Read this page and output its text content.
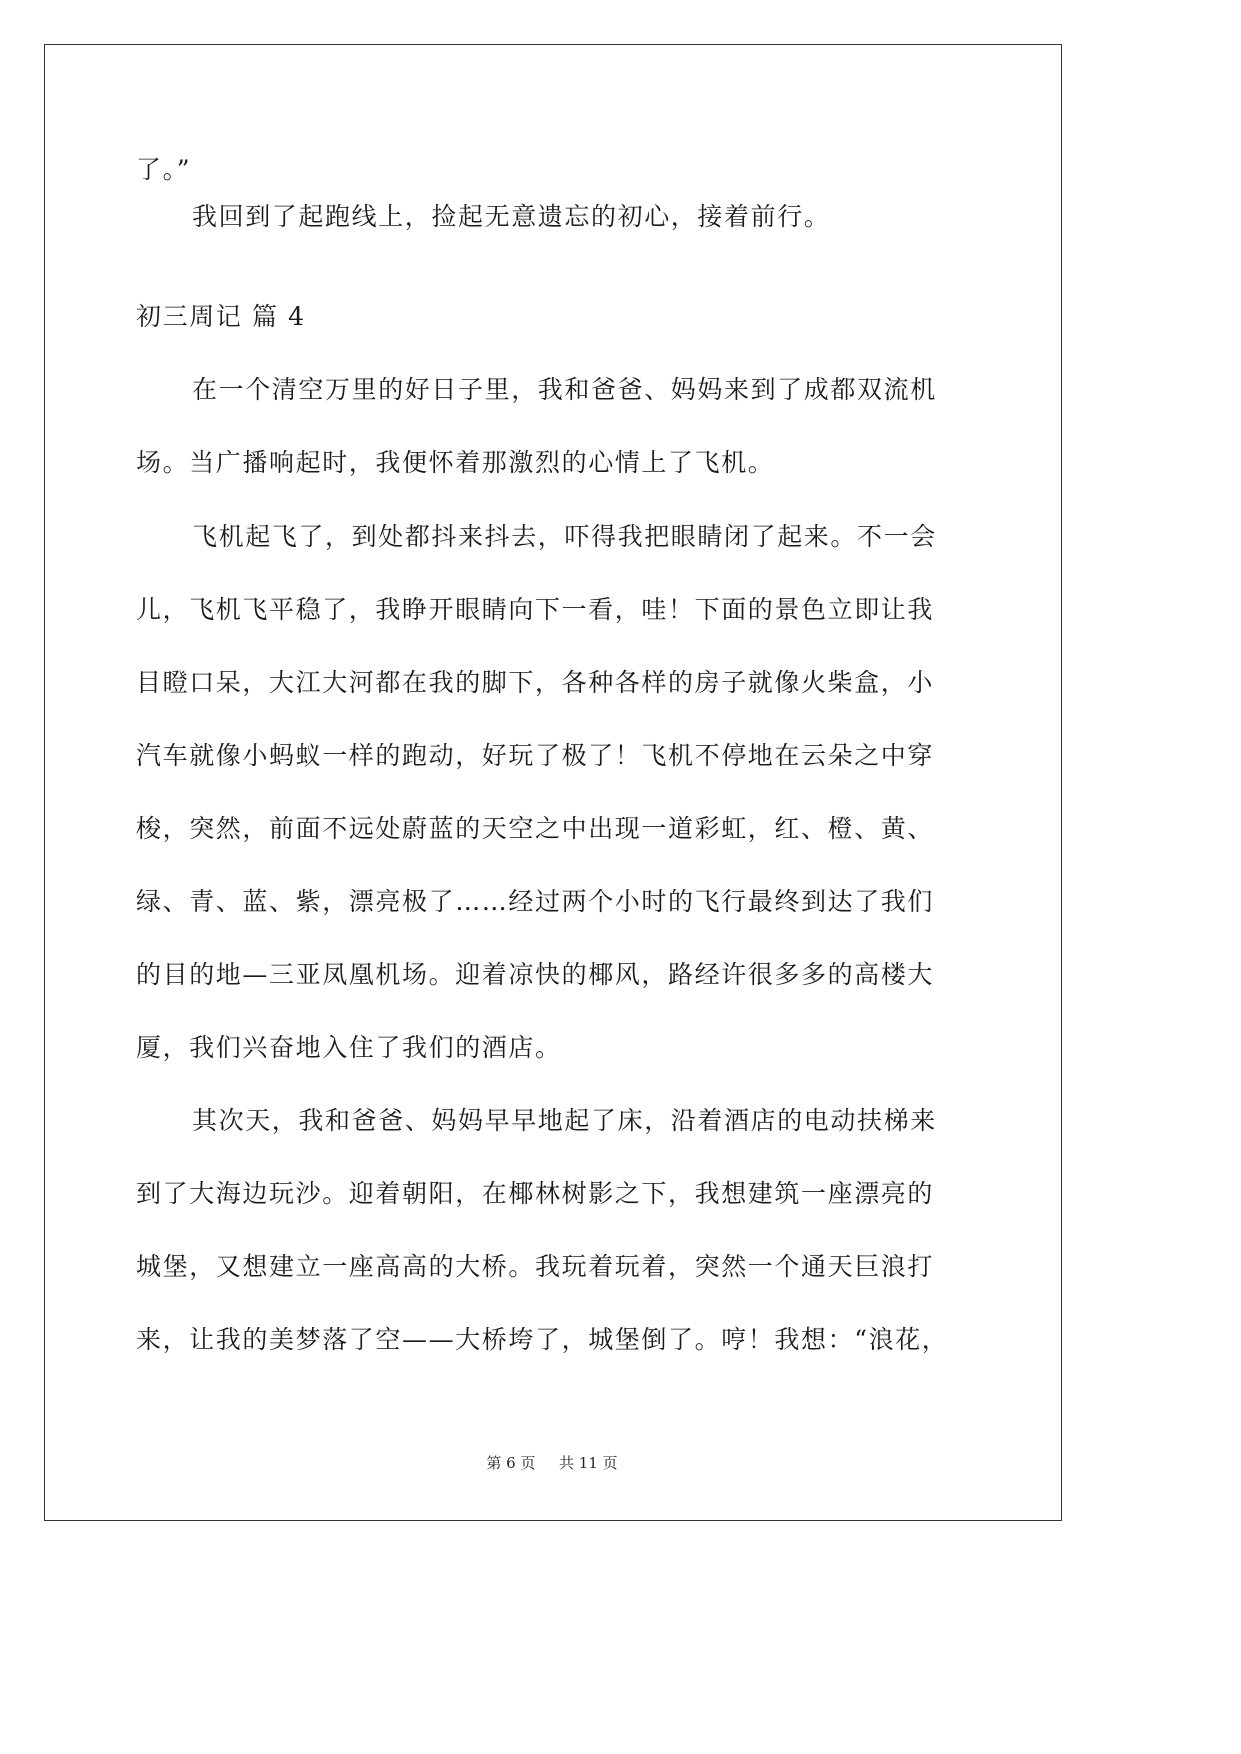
了。”
我回到了起跑线上，捡起无意遗忘的初心，接着前行。
初三周记 篇 4
在一个清空万里的好日子里，我和爸爸、妈妈来到了成都双流机
场。当广播响起时，我便怀着那激烈的心情上了飞机。
飞机起飞了，到处都抖来抖去，吓得我把眼睛闭了起来。不一会
儿，飞机飞平稳了，我睁开眼睛向下一看，哇！下面的景色立即让我
目瞪口呆，大江大河都在我的脚下，各种各样的房子就像火柴盒，小
汽车就像小蚂蚁一样的跑动，好玩了极了！飞机不停地在云朵之中穿
梭，突然，前面不远处蔚蓝的天空之中出现一道彩虹，红、橙、黄、
绿、青、蓝、紫，漂亮极了……经过两个小时的飞行最终到达了我们
的目的地—三亚凤凰机场。迎着凉快的椰风，路经许很多多的高楼大
厦，我们兴奋地入住了我们的酒店。
其次天，我和爸爸、妈妈早早地起了床，沿着酒店的电动扶梯来
到了大海边玩沙。迎着朝阳，在椰林树影之下，我想建筑一座漂亮的
城堡，又想建立一座高高的大桥。我玩着玩着，突然一个通天巨浪打
来，让我的美梦落了空——大桥垮了，城堡倒了。哼！我想：“浪花，
第 6 页 共 11 页
